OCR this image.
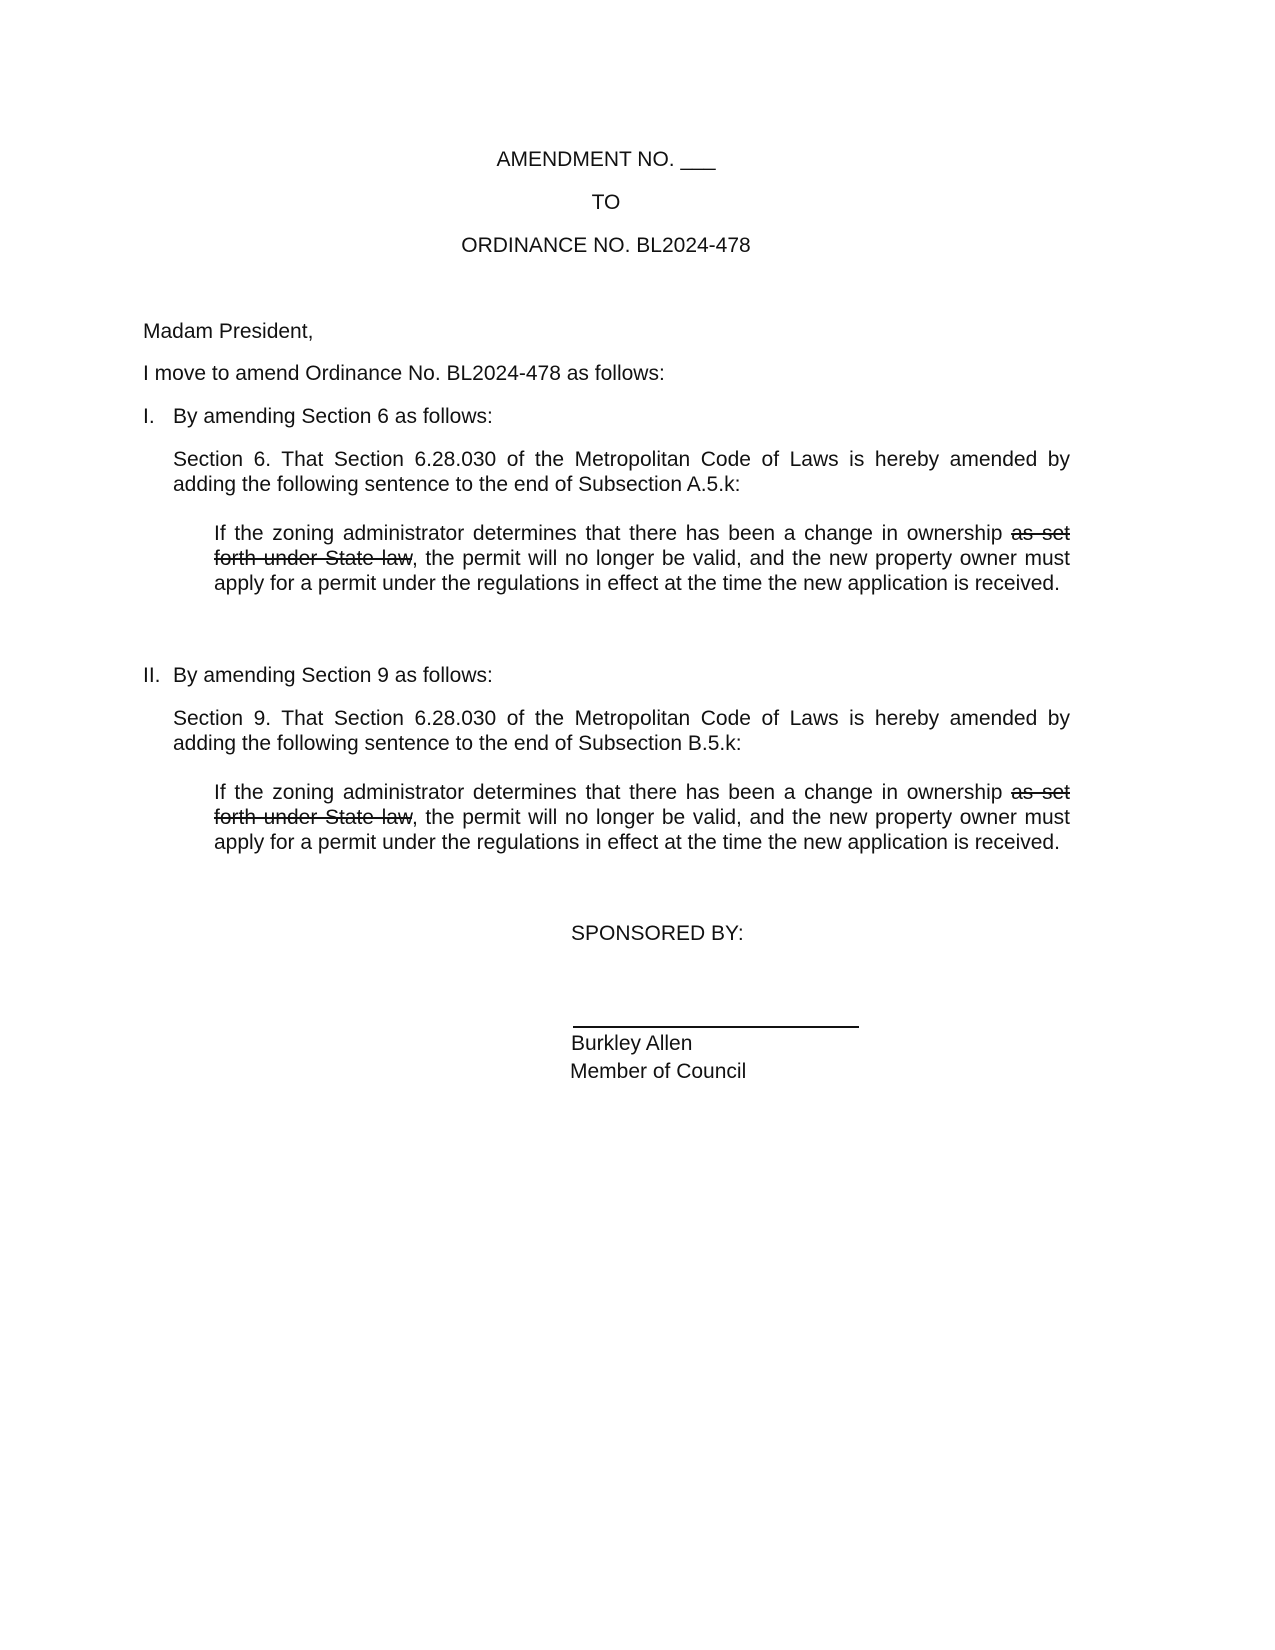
AMENDMENT NO. ___
TO
ORDINANCE NO. BL2024-478
Madam President,
I move to amend Ordinance No. BL2024-478 as follows:
I. By amending Section 6 as follows:
Section 6. That Section 6.28.030 of the Metropolitan Code of Laws is hereby amended by adding the following sentence to the end of Subsection A.5.k:
If the zoning administrator determines that there has been a change in ownership as set forth under State law, the permit will no longer be valid, and the new property owner must apply for a permit under the regulations in effect at the time the new application is received.
II. By amending Section 9 as follows:
Section 9. That Section 6.28.030 of the Metropolitan Code of Laws is hereby amended by adding the following sentence to the end of Subsection B.5.k:
If the zoning administrator determines that there has been a change in ownership as set forth under State law, the permit will no longer be valid, and the new property owner must apply for a permit under the regulations in effect at the time the new application is received.
SPONSORED BY:
Burkley Allen
Member of Council
